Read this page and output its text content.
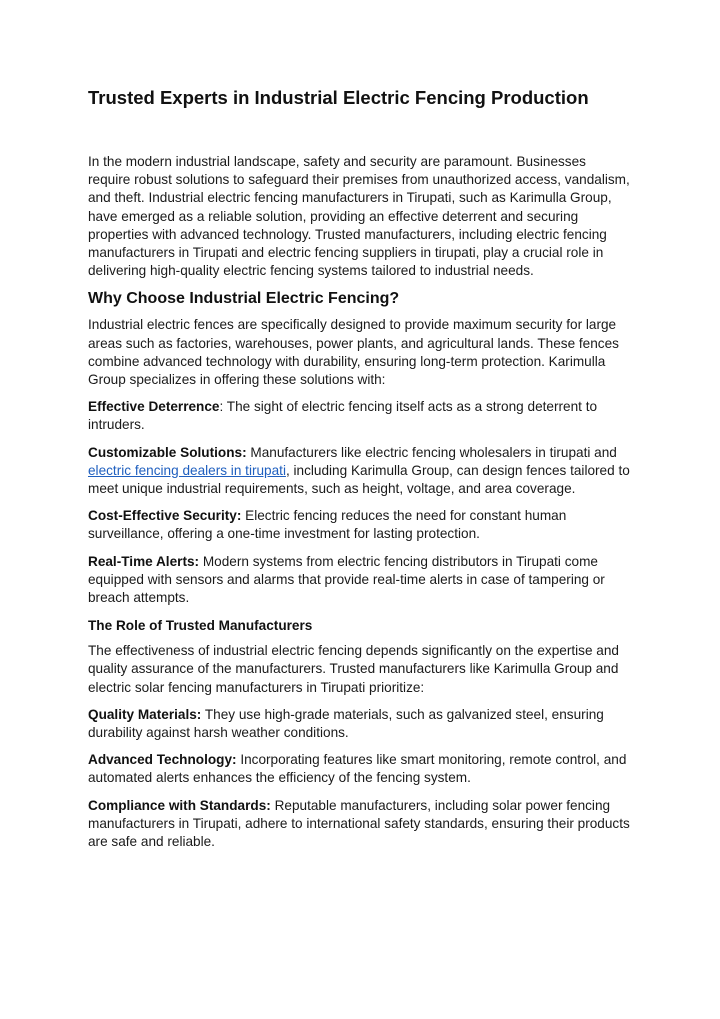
Trusted Experts in Industrial Electric Fencing Production

In the modern industrial landscape, safety and security are paramount. Businesses require robust solutions to safeguard their premises from unauthorized access, vandalism, and theft. Industrial electric fencing manufacturers in Tirupati, such as Karimulla Group, have emerged as a reliable solution, providing an effective deterrent and securing properties with advanced technology. Trusted manufacturers, including electric fencing manufacturers in Tirupati and electric fencing suppliers in tirupati, play a crucial role in delivering high-quality electric fencing systems tailored to industrial needs.

Why Choose Industrial Electric Fencing?

Industrial electric fences are specifically designed to provide maximum security for large areas such as factories, warehouses, power plants, and agricultural lands. These fences combine advanced technology with durability, ensuring long-term protection. Karimulla Group specializes in offering these solutions with:

Effective Deterrence: The sight of electric fencing itself acts as a strong deterrent to intruders.

Customizable Solutions: Manufacturers like electric fencing wholesalers in tirupati and electric fencing dealers in tirupati, including Karimulla Group, can design fences tailored to meet unique industrial requirements, such as height, voltage, and area coverage.

Cost-Effective Security: Electric fencing reduces the need for constant human surveillance, offering a one-time investment for lasting protection.

Real-Time Alerts: Modern systems from electric fencing distributors in Tirupati come equipped with sensors and alarms that provide real-time alerts in case of tampering or breach attempts.

The Role of Trusted Manufacturers

The effectiveness of industrial electric fencing depends significantly on the expertise and quality assurance of the manufacturers. Trusted manufacturers like Karimulla Group and electric solar fencing manufacturers in Tirupati prioritize:

Quality Materials: They use high-grade materials, such as galvanized steel, ensuring durability against harsh weather conditions.

Advanced Technology: Incorporating features like smart monitoring, remote control, and automated alerts enhances the efficiency of the fencing system.

Compliance with Standards: Reputable manufacturers, including solar power fencing manufacturers in Tirupati, adhere to international safety standards, ensuring their products are safe and reliable.
